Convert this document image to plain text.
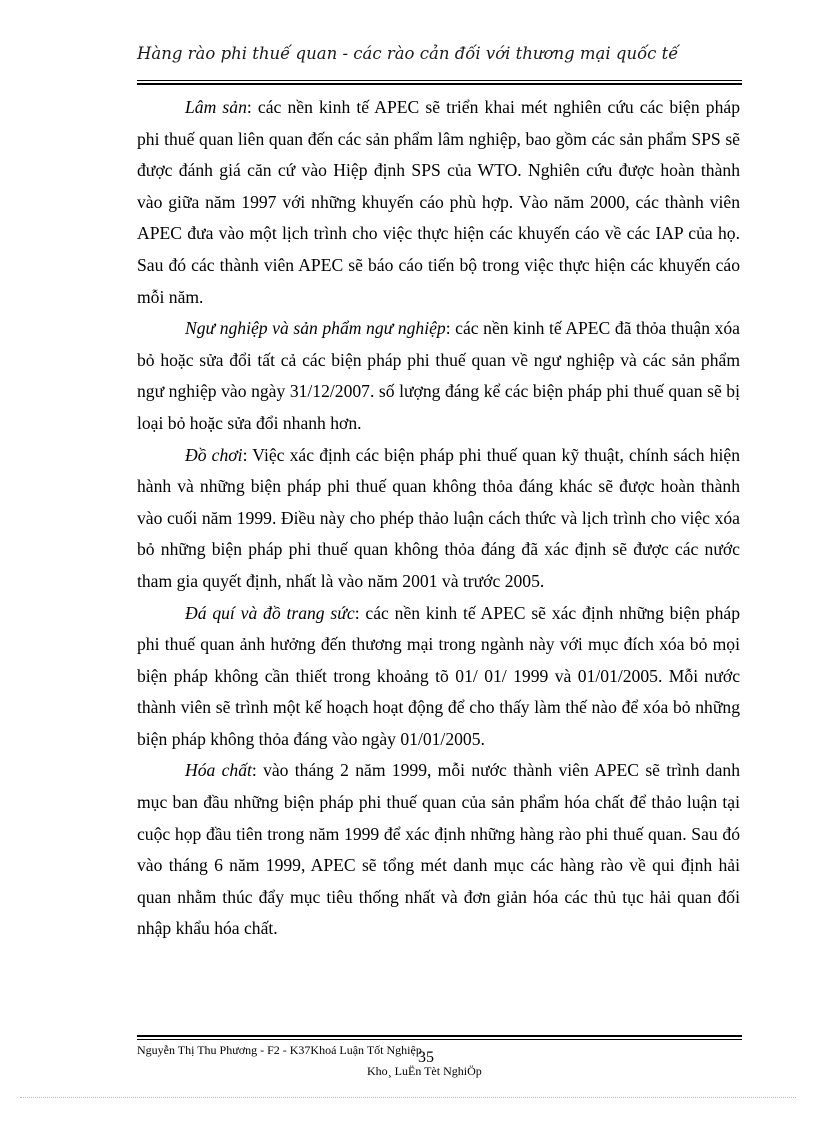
Hàng rào phi thuế quan - các rào cản đối với thương mại quốc tế

Lâm sản: các nền kinh tế APEC sẽ triển khai mét nghiên cứu các biện pháp phi thuế quan liên quan đến các sản phẩm lâm nghiệp, bao gồm các sản phẩm SPS sẽ được đánh giá căn cứ vào Hiệp định SPS của WTO. Nghiên cứu được hoàn thành vào giữa năm 1997 với những khuyến cáo phù hợp. Vào năm 2000, các thành viên APEC đưa vào một lịch trình cho việc thực hiện các khuyến cáo về các IAP của họ. Sau đó các thành viên APEC sẽ báo cáo tiến bộ trong việc thực hiện các khuyến cáo mỗi năm.

Ngư nghiệp và sản phẩm ngư nghiệp: các nền kinh tế APEC đã thỏa thuận xóa bỏ hoặc sửa đổi tất cả các biện pháp phi thuế quan về ngư nghiệp và các sản phẩm ngư nghiệp vào ngày 31/12/2007. số lượng đáng kể các biện pháp phi thuế quan sẽ bị loại bỏ hoặc sửa đổi nhanh hơn.

Đồ chơi: Việc xác định các biện pháp phi thuế quan kỹ thuật, chính sách hiện hành và những biện pháp phi thuế quan không thỏa đáng khác sẽ được hoàn thành vào cuối năm 1999. Điều này cho phép thảo luận cách thức và lịch trình cho việc xóa bỏ những biện pháp phi thuế quan không thỏa đáng đã xác định sẽ được các nước tham gia quyết định, nhất là vào năm 2001 và trước 2005.

Đá quí và đồ trang sức: các nền kinh tế APEC sẽ xác định những biện pháp phi thuế quan ảnh hưởng đến thương mại trong ngành này với mục đích xóa bỏ mọi biện pháp không cần thiết trong khoảng tõ 01/ 01/ 1999 và 01/01/2005. Mỗi nước thành viên sẽ trình một kế hoạch hoạt động để cho thấy làm thế nào để xóa bỏ những biện pháp không thỏa đáng vào ngày 01/01/2005.

Hóa chất: vào tháng 2 năm 1999, mỗi nước thành viên APEC sẽ trình danh mục ban đầu những biện pháp phi thuế quan của sản phẩm hóa chất để thảo luận tại cuộc họp đầu tiên trong năm 1999 để xác định những hàng rào phi thuế quan. Sau đó vào tháng 6 năm 1999, APEC sẽ tổng mét danh mục các hàng rào về qui định hải quan nhằm thúc đẩy mục tiêu thống nhất và đơn giản hóa các thủ tục hải quan đối nhập khẩu hóa chất.

Nguyễn Thị Thu Phương - F2 - K37Khoá Luận Tốt Nghiệp
35
Kho¸ LuËn Tèt NghiÖp
